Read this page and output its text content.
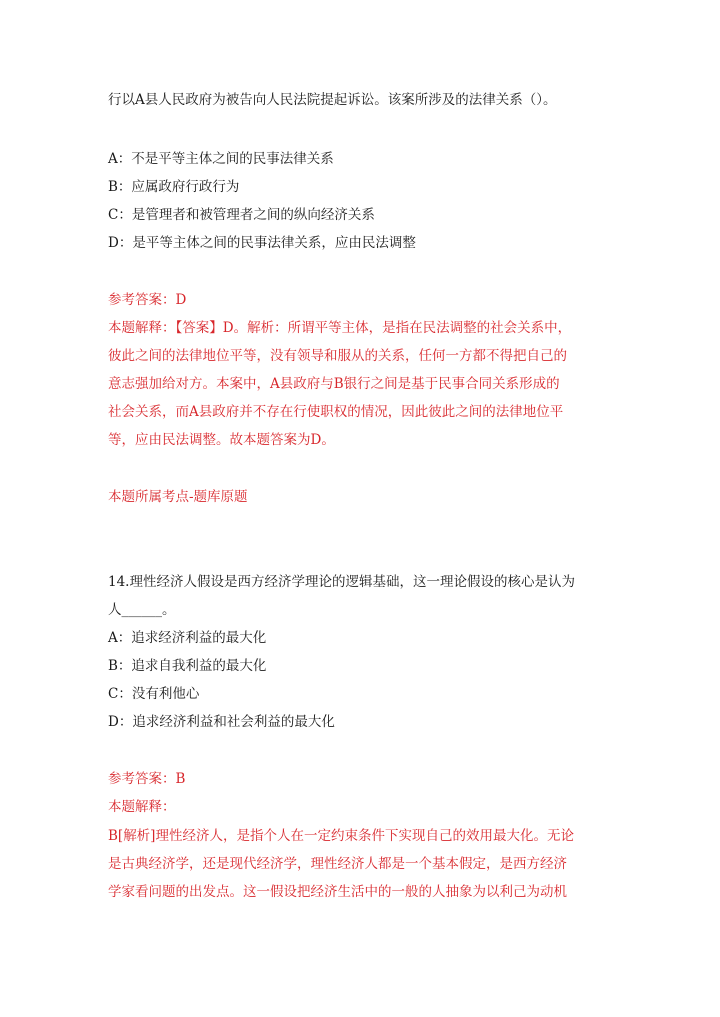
行以A县人民政府为被告向人民法院提起诉讼。该案所涉及的法律关系（）。
A：不是平等主体之间的民事法律关系
B：应属政府行政行为
C：是管理者和被管理者之间的纵向经济关系
D：是平等主体之间的民事法律关系，应由民法调整
参考答案：D
本题解释：【答案】D。解析：所谓平等主体，是指在民法调整的社会关系中，
彼此之间的法律地位平等，没有领导和服从的关系，任何一方都不得把自己的
意志强加给对方。本案中，A县政府与B银行之间是基于民事合同关系形成的
社会关系，而A县政府并不存在行使职权的情况，因此彼此之间的法律地位平
等，应由民法调整。故本题答案为D。
本题所属考点-题库原题
14.理性经济人假设是西方经济学理论的逻辑基础，这一理论假设的核心是认为
人______。
A：追求经济利益的最大化
B：追求自我利益的最大化
C：没有利他心
D：追求经济利益和社会利益的最大化
参考答案：B
本题解释：
B[解析]理性经济人，是指个人在一定约束条件下实现自己的效用最大化。无论
是古典经济学，还是现代经济学，理性经济人都是一个基本假定，是西方经济
学家看问题的出发点。这一假设把经济生活中的一般的人抽象为以利己为动机
